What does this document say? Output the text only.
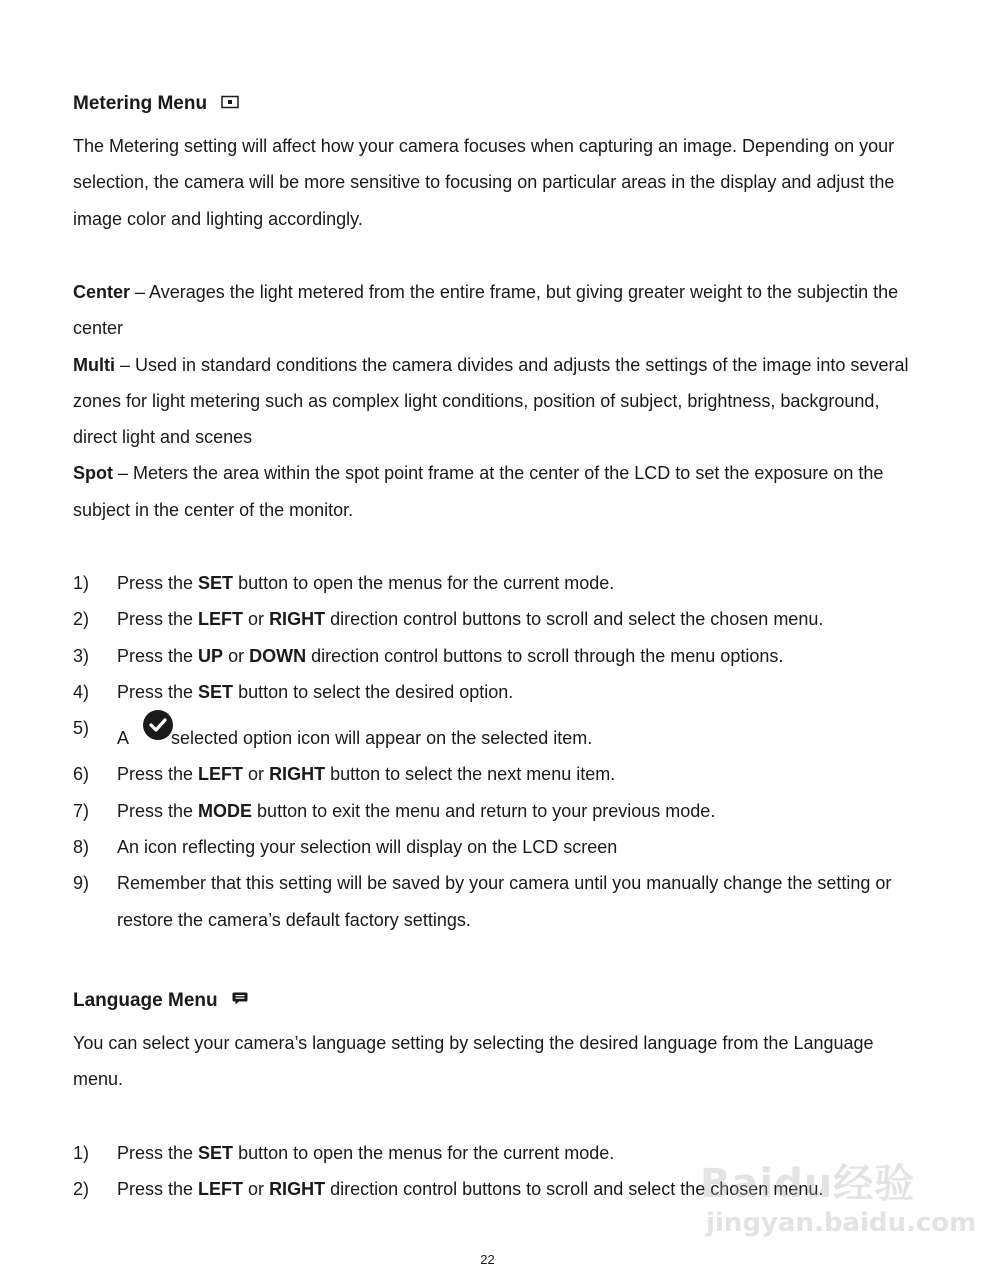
Metering Menu

The Metering setting will affect how your camera focuses when capturing an image. Depending on your selection, the camera will be more sensitive to focusing on particular areas in the display and adjust the image color and lighting accordingly.

Center – Averages the light metered from the entire frame, but giving greater weight to the subjectin the center
Multi – Used in standard conditions the camera divides and adjusts the settings of the image into several zones for light metering such as complex light conditions, position of subject, brightness, background, direct light and scenes
Spot – Meters the area within the spot point frame at the center of the LCD to set the exposure on the subject in the center of the monitor.
1) Press the SET button to open the menus for the current mode.
2) Press the LEFT or RIGHT direction control buttons to scroll and select the chosen menu.
3) Press the UP or DOWN direction control buttons to scroll through the menu options.
4) Press the SET button to select the desired option.
5) A
selected option icon will appear on the selected item.
6) Press the LEFT or RIGHT button to select the next menu item.
7) Press the MODE button to exit the menu and return to your previous mode.
8) An icon reflecting your selection will display on the LCD screen
9) Remember that this setting will be saved by your camera until you manually change the setting or restore the camera’s default factory settings.
Language Menu

You can select your camera’s language setting by selecting the desired language from the Language menu.

1) Press the SET button to open the menus for the current mode.
2) Press the LEFT or RIGHT direction control buttons to scroll and select the chosen menu.
22
Baidu经验
jingyan.baidu.com
